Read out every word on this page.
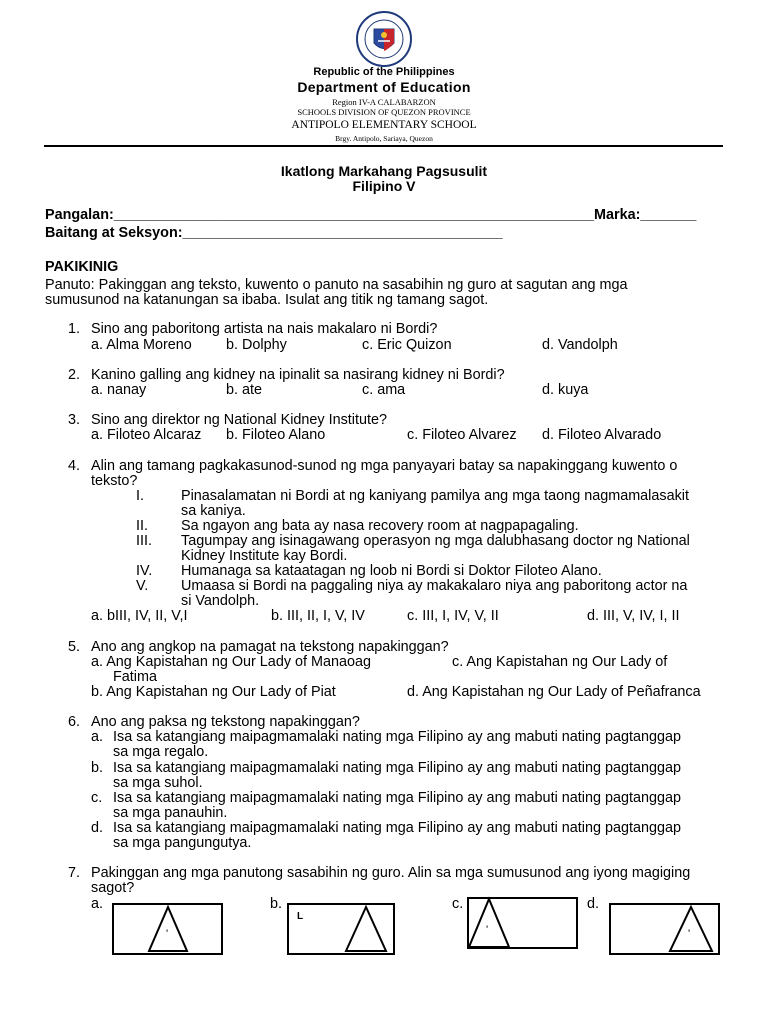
Republic of the Philippines
Department of Education
Region IV-A CALABARZON
SCHOOLS DIVISION OF QUEZON PROVINCE
ANTIPOLO ELEMENTARY SCHOOL
Brgy. Antipolo, Sariaya, Quezon
Ikatlong Markahang Pagsusulit
Filipino V
Pangalan:____________________________________________________________ Marka:_______
Baitang at Seksyon:________________________________________
PAKIKINIG
Panuto: Pakinggan ang teksto, kuwento o panuto na sasabihin ng guro at sagutan ang mga
sumusunod na katanungan sa ibaba. Isulat ang titik ng tamang sagot.
1. Sino ang paboritong artista na nais makalaro ni Bordi?
a. Alma Moreno b. Dolphy	c. Eric Quizon	d. Vandolph
2. Kanino galling ang kidney na ipinalit sa nasirang kidney ni Bordi?
a. nanay	b. ate	c. ama	d. kuya
3. Sino ang direktor ng National Kidney Institute?
a. Filoteo Alcaraz b. Filoteo Alano	c. Filoteo Alvarez d. Filoteo Alvarado
4. Alin ang tamang pagkakasunod-sunod ng mga panyayari batay sa napakinggang kuwento o
teksto?
I.	Pinasalamatan ni Bordi at ng kaniyang pamilya ang mga taong nagmamalasakit
sa kaniya.
II. Sa ngayon ang bata ay nasa recovery room at nagpapagaling.
III. Tagumpay ang isinagawang operasyon ng mga dalubhasang doctor ng National
Kidney Institute kay Bordi.
IV. Humanaga sa kataatagan ng loob ni Bordi si Doktor Filoteo Alano.
V. Umaasa si Bordi na paggaling niya ay makakalaro niya ang paboritong actor na
si Vandolph.
a. bIII, IV, II, V,I	b. III, II, I, V, IV	c. III, I, IV, V, II	d. III, V, IV, I, II
5. Ano ang angkop na pamagat na tekstong napakinggan?
a. Ang Kapistahan ng Our Lady of Manaoag	c. Ang Kapistahan ng Our Lady of
Fatima
b. Ang Kapistahan ng Our Lady of Piat	d. Ang Kapistahan ng Our Lady of Peñafranca
6. Ano ang paksa ng tekstong napakinggan?
a. Isa sa katangiang maipagmamalaki nating mga Filipino ay ang mabuti nating pagtanggap
sa mga regalo.
b. Isa sa katangiang maipagmamalaki nating mga Filipino ay ang mabuti nating pagtanggap
sa mga suhol.
c. Isa sa katangiang maipagmamalaki nating mga Filipino ay ang mabuti nating pagtanggap
sa mga panauhin.
d. Isa sa katangiang maipagmamalaki nating mga Filipino ay ang mabuti nating pagtanggap
sa mga pangungutya.
7. Pakinggan ang mga panutong sasabihin ng guro. Alin sa mga sumusunod ang iyong magiging
sagot?
a.	b.	c.	d.
'
L
'	'
